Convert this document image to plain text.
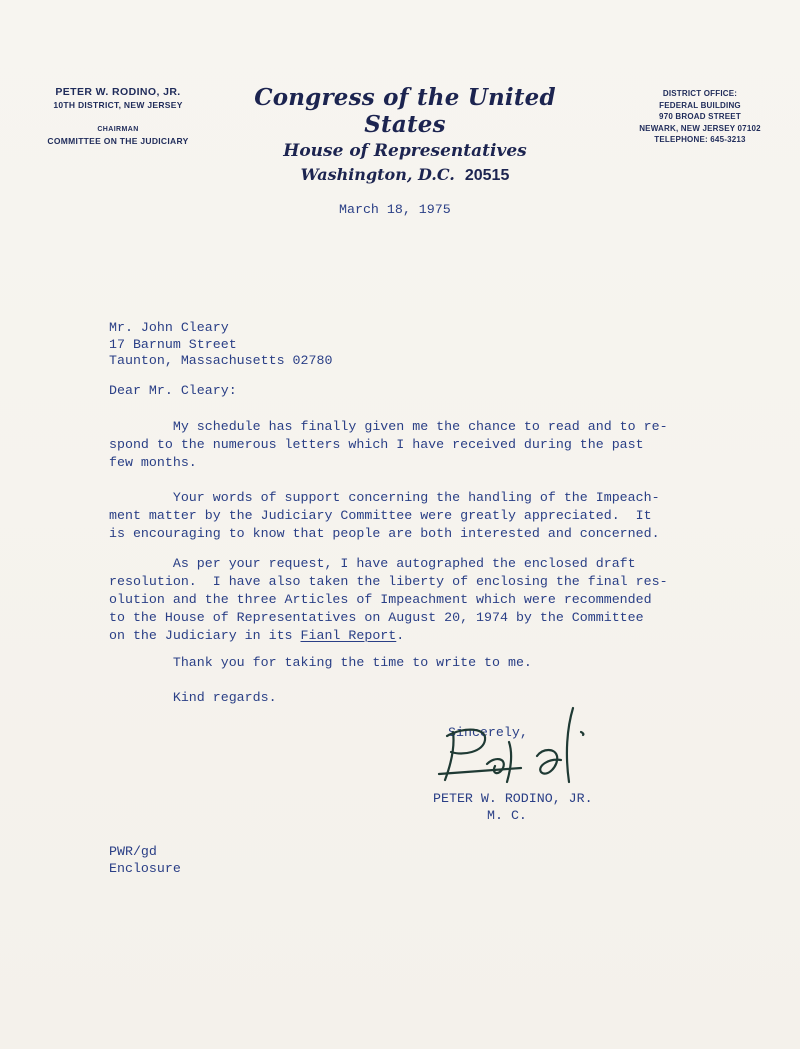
PETER W. RODINO, JR.
10TH DISTRICT, NEW JERSEY
CHAIRMAN
COMMITTEE ON THE JUDICIARY
Congress of the United States
House of Representatives
Washington, D.C. 20515
DISTRICT OFFICE:
FEDERAL BUILDING
970 BROAD STREET
NEWARK, NEW JERSEY 07102
TELEPHONE: 645-3213
March 18, 1975
Mr. John Cleary
17 Barnum Street
Taunton, Massachusetts 02780
Dear Mr. Cleary:
My schedule has finally given me the chance to read and to re-
spond to the numerous letters which I have received during the past
few months.
Your words of support concerning the handling of the Impeach-
ment matter by the Judiciary Committee were greatly appreciated.  It
is encouraging to know that people are both interested and concerned.
As per your request, I have autographed the enclosed draft
resolution.  I have also taken the liberty of enclosing the final res-
olution and the three Articles of Impeachment which were recommended
to the House of Representatives on August 20, 1974 by the Committee
on the Judiciary in its Fianl Report.
Thank you for taking the time to write to me.
Kind regards.
Sincerely,
PETER W. RODINO, JR.
M. C.
PWR/gd
Enclosure
